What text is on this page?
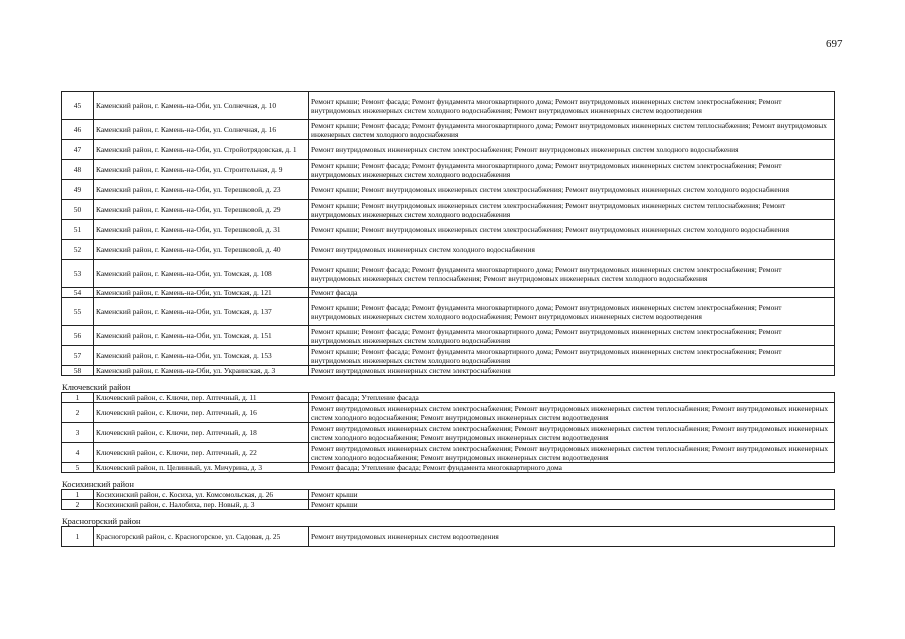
697
45	Каменский район, г. Камень-на-Оби, ул. Солнечная, д. 10	Ремонт крыши; Ремонт фасада; Ремонт фундамента многоквартирного дома; Ремонт внутридомовых инженерных систем электроснабжения; Ремонт внутридомовых инженерных систем холодного водоснабжения; Ремонт внутридомовых инженерных систем водоотведения
46	Каменский район, г. Камень-на-Оби, ул. Солнечная, д. 16	Ремонт крыши; Ремонт фасада; Ремонт фундамента многоквартирного дома; Ремонт внутридомовых инженерных систем теплоснабжения; Ремонт внутридомовых инженерных систем холодного водоснабжения
47	Каменский район, г. Камень-на-Оби, ул. Стройотрядовская, д. 1	Ремонт внутридомовых инженерных систем электроснабжения; Ремонт внутридомовых инженерных систем холодного водоснабжения
48	Каменский район, г. Камень-на-Оби, ул. Строительная, д. 9	Ремонт крыши; Ремонт фасада; Ремонт фундамента многоквартирного дома; Ремонт внутридомовых инженерных систем электроснабжения; Ремонт внутридомовых инженерных систем холодного водоснабжения
49	Каменский район, г. Камень-на-Оби, ул. Терешковой, д. 23	Ремонт крыши; Ремонт внутридомовых инженерных систем электроснабжения; Ремонт внутридомовых инженерных систем холодного водоснабжения
50	Каменский район, г. Камень-на-Оби, ул. Терешковой, д. 29	Ремонт крыши; Ремонт внутридомовых инженерных систем электроснабжения; Ремонт внутридомовых инженерных систем теплоснабжения; Ремонт внутридомовых инженерных систем холодного водоснабжения
51	Каменский район, г. Камень-на-Оби, ул. Терешковой, д. 31	Ремонт крыши; Ремонт внутридомовых инженерных систем электроснабжения; Ремонт внутридомовых инженерных систем холодного водоснабжения
52	Каменский район, г. Камень-на-Оби, ул. Терешковой, д. 40	Ремонт внутридомовых инженерных систем холодного водоснабжения
53	Каменский район, г. Камень-на-Оби, ул. Томская, д. 108	Ремонт крыши; Ремонт фасада; Ремонт фундамента многоквартирного дома; Ремонт внутридомовых инженерных систем электроснабжения; Ремонт внутридомовых инженерных систем теплоснабжения; Ремонт внутридомовых инженерных систем холодного водоснабжения
54	Каменский район, г. Камень-на-Оби, ул. Томская, д. 121	Ремонт фасада
55	Каменский район, г. Камень-на-Оби, ул. Томская, д. 137	Ремонт крыши; Ремонт фасада; Ремонт фундамента многоквартирного дома; Ремонт внутридомовых инженерных систем электроснабжения; Ремонт внутридомовых инженерных систем холодного водоснабжения; Ремонт внутридомовых инженерных систем водоотведения
56	Каменский район, г. Камень-на-Оби, ул. Томская, д. 151	Ремонт крыши; Ремонт фасада; Ремонт фундамента многоквартирного дома; Ремонт внутридомовых инженерных систем электроснабжения; Ремонт внутридомовых инженерных систем холодного водоснабжения
57	Каменский район, г. Камень-на-Оби, ул. Томская, д. 153	Ремонт крыши; Ремонт фасада; Ремонт фундамента многоквартирного дома; Ремонт внутридомовых инженерных систем электроснабжения; Ремонт внутридомовых инженерных систем холодного водоснабжения
58	Каменский район, г. Камень-на-Оби, ул. Украинская, д. 3	Ремонт внутридомовых инженерных систем электроснабжения
Ключевский район
1	Ключевский район, с. Ключи, пер. Аптечный, д. 11	Ремонт фасада; Утепление фасада
2	Ключевский район, с. Ключи, пер. Аптечный, д. 16	Ремонт внутридомовых инженерных систем электроснабжения; Ремонт внутридомовых инженерных систем теплоснабжения; Ремонт внутридомовых инженерных систем холодного водоснабжения; Ремонт внутридомовых инженерных систем водоотведения
3	Ключевский район, с. Ключи, пер. Аптечный, д. 18	Ремонт внутридомовых инженерных систем электроснабжения; Ремонт внутридомовых инженерных систем теплоснабжения; Ремонт внутридомовых инженерных систем холодного водоснабжения; Ремонт внутридомовых инженерных систем водоотведения
4	Ключевский район, с. Ключи, пер. Аптечный, д. 22	Ремонт внутридомовых инженерных систем электроснабжения; Ремонт внутридомовых инженерных систем теплоснабжения; Ремонт внутридомовых инженерных систем холодного водоснабжения; Ремонт внутридомовых инженерных систем водоотведения
5	Ключевский район, п. Целинный, ул. Мичурина, д. 3	Ремонт фасада; Утепление фасада; Ремонт фундамента многоквартирного дома
Косихинский район
1	Косихинский район, с. Косиха, ул. Комсомольская, д. 26	Ремонт крыши
2	Косихинский район, с. Налобиха, пер. Новый, д. 3	Ремонт крыши
Красногорский район
1	Красногорский район, с. Красногорское, ул. Садовая, д. 25	Ремонт внутридомовых инженерных систем водоотведения
